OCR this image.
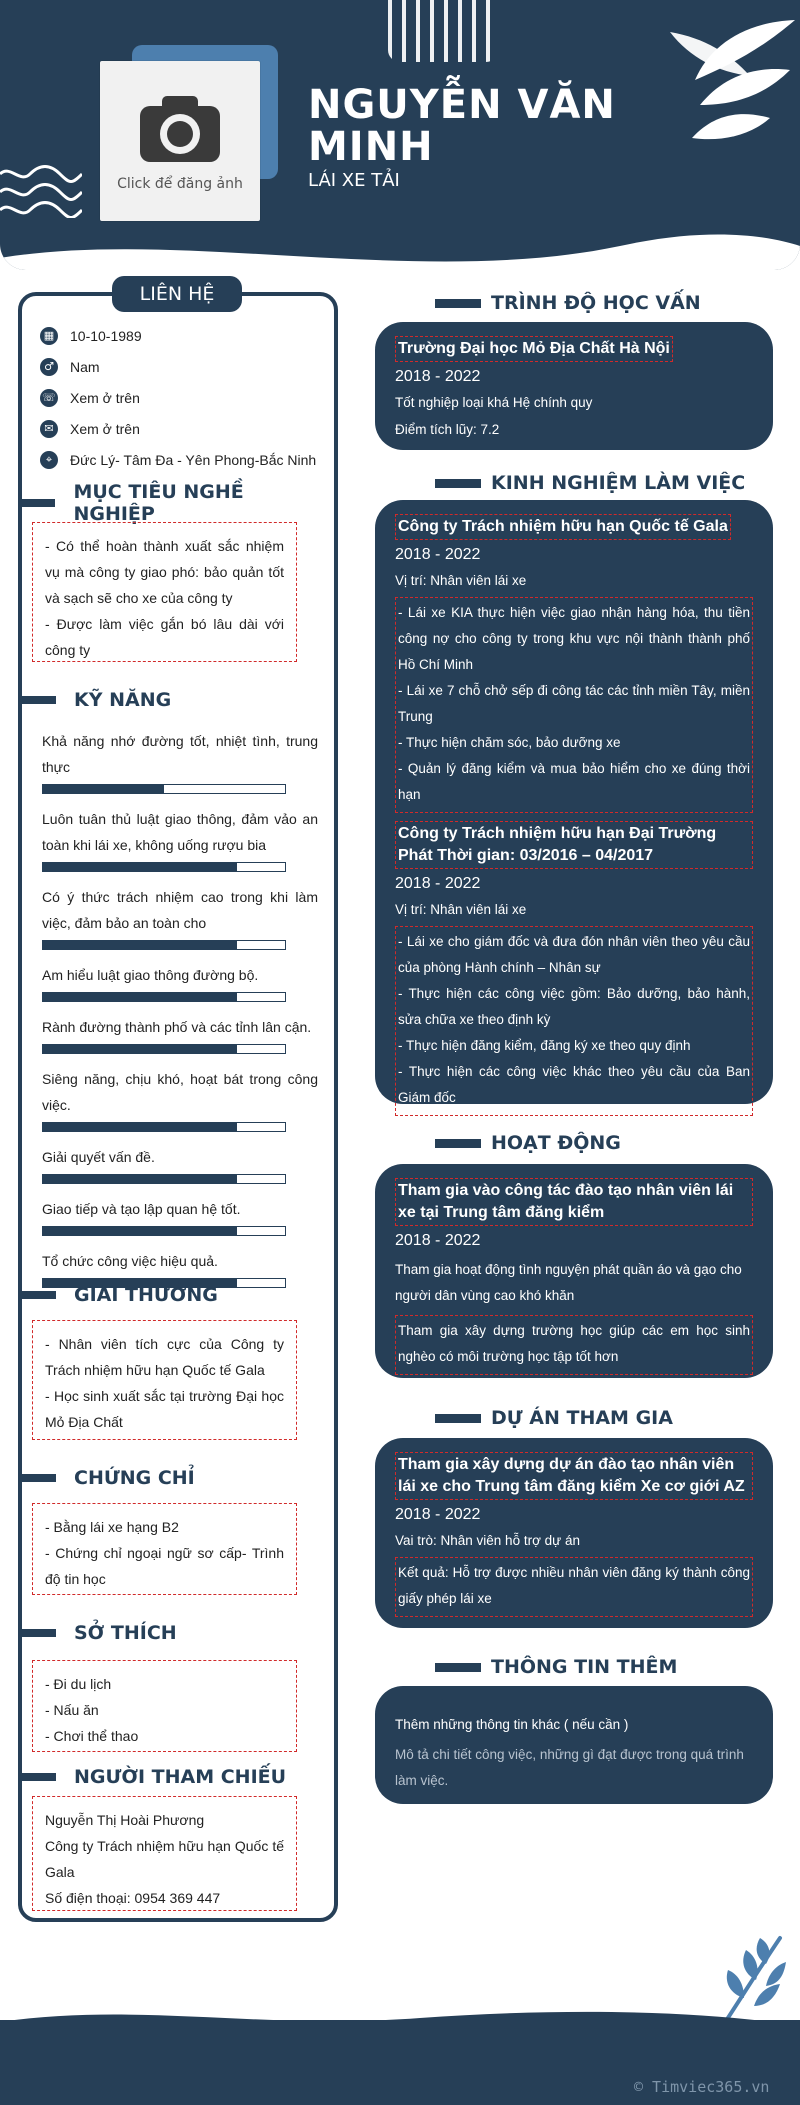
Click để đăng ảnh
NGUYỄN VĂN MINH
LÁI XE TẢI
LIÊN HỆ
▦ 10-10-1989
♂ Nam
☏ Xem ở trên
✉	Xem ở trên
⌖	Đức Lý- Tâm Đa - Yên Phong-Bắc Ninh
MỤC TIÊU NGHỀ NGHIỆP
- Có thể hoàn thành xuất sắc nhiệm vụ mà công ty giao phó: bảo quản tốt và sạch sẽ cho xe của công ty
- Được làm việc gắn bó lâu dài với công ty
KỸ NĂNG
Khả năng nhớ đường tốt, nhiệt tình, trung thực
Luôn tuân thủ luật giao thông, đảm vảo an toàn khi lái xe, không uống rượu bia
Có ý thức trách nhiệm cao trong khi làm việc, đảm bảo an toàn cho
Am hiểu luật giao thông đường bộ.
Rành đường thành phố và các tỉnh lân cận.
Siêng năng, chịu khó, hoạt bát trong công việc.
Giải quyết vấn đề.
Giao tiếp và tạo lập quan hệ tốt.
Tổ chức công việc hiệu quả.
GIẢI THƯỞNG
- Nhân viên tích cực của Công ty Trách nhiệm hữu hạn Quốc tế Gala
- Học sinh xuất sắc tại trường Đại học Mỏ Địa Chất
CHỨNG CHỈ
- Bằng lái xe hạng B2
- Chứng chỉ ngoại ngữ sơ cấp- Trình độ tin học
SỞ THÍCH
- Đi du lịch
- Nấu ăn
- Chơi thể thao
NGƯỜI THAM CHIẾU
Nguyễn Thị Hoài Phương
Công ty Trách nhiệm hữu hạn Quốc tế Gala
Số điện thoại: 0954 369 447
TRÌNH ĐỘ HỌC VẤN
Trường Đại học Mỏ Địa Chất Hà Nội
2018 - 2022
Tốt nghiệp loại khá Hệ chính quy
Điểm tích lũy: 7.2
KINH NGHIỆM LÀM VIỆC
Công ty Trách nhiệm hữu hạn Quốc tế Gala
2018 - 2022
Vị trí: Nhân viên lái xe
- Lái xe KIA thực hiện việc giao nhận hàng hóa, thu tiền công nợ cho công ty trong khu vực nội thành thành phố Hồ Chí Minh
- Lái xe 7 chỗ chở sếp đi công tác các tỉnh miền Tây, miền Trung
- Thực hiện chăm sóc, bảo dưỡng xe
- Quản lý đăng kiểm và mua bảo hiểm cho xe đúng thời hạn
Công ty Trách nhiệm hữu hạn Đại Trường Phát Thời gian: 03/2016 – 04/2017
2018 - 2022
Vị trí: Nhân viên lái xe
- Lái xe cho giám đốc và đưa đón nhân viên theo yêu cầu của phòng Hành chính – Nhân sự
- Thực hiện các công việc gồm: Bảo dưỡng, bảo hành, sửa chữa xe theo định kỳ
- Thực hiện đăng kiểm, đăng ký xe theo quy định
- Thực hiện các công việc khác theo yêu cầu của Ban Giám đốc
HOẠT ĐỘNG
Tham gia vào công tác đào tạo nhân viên lái xe tại Trung tâm đăng kiểm
2018 - 2022
Tham gia hoạt động tình nguyện phát quần áo và gạo cho người dân vùng cao khó khăn
Tham gia xây dựng trường học giúp các em học sinh nghèo có môi trường học tập tốt hơn
DỰ ÁN THAM GIA
Tham gia xây dựng dự án đào tạo nhân viên lái xe cho Trung tâm đăng kiểm Xe cơ giới AZ
2018 - 2022
Vai trò: Nhân viên hỗ trợ dự án
Kết quả: Hỗ trợ được nhiều nhân viên đăng ký thành công giấy phép lái xe
THÔNG TIN THÊM
Thêm những thông tin khác ( nếu cần )
Mô tả chi tiết công việc, những gì đạt được trong quá trình làm việc.
© Timviec365.vn
